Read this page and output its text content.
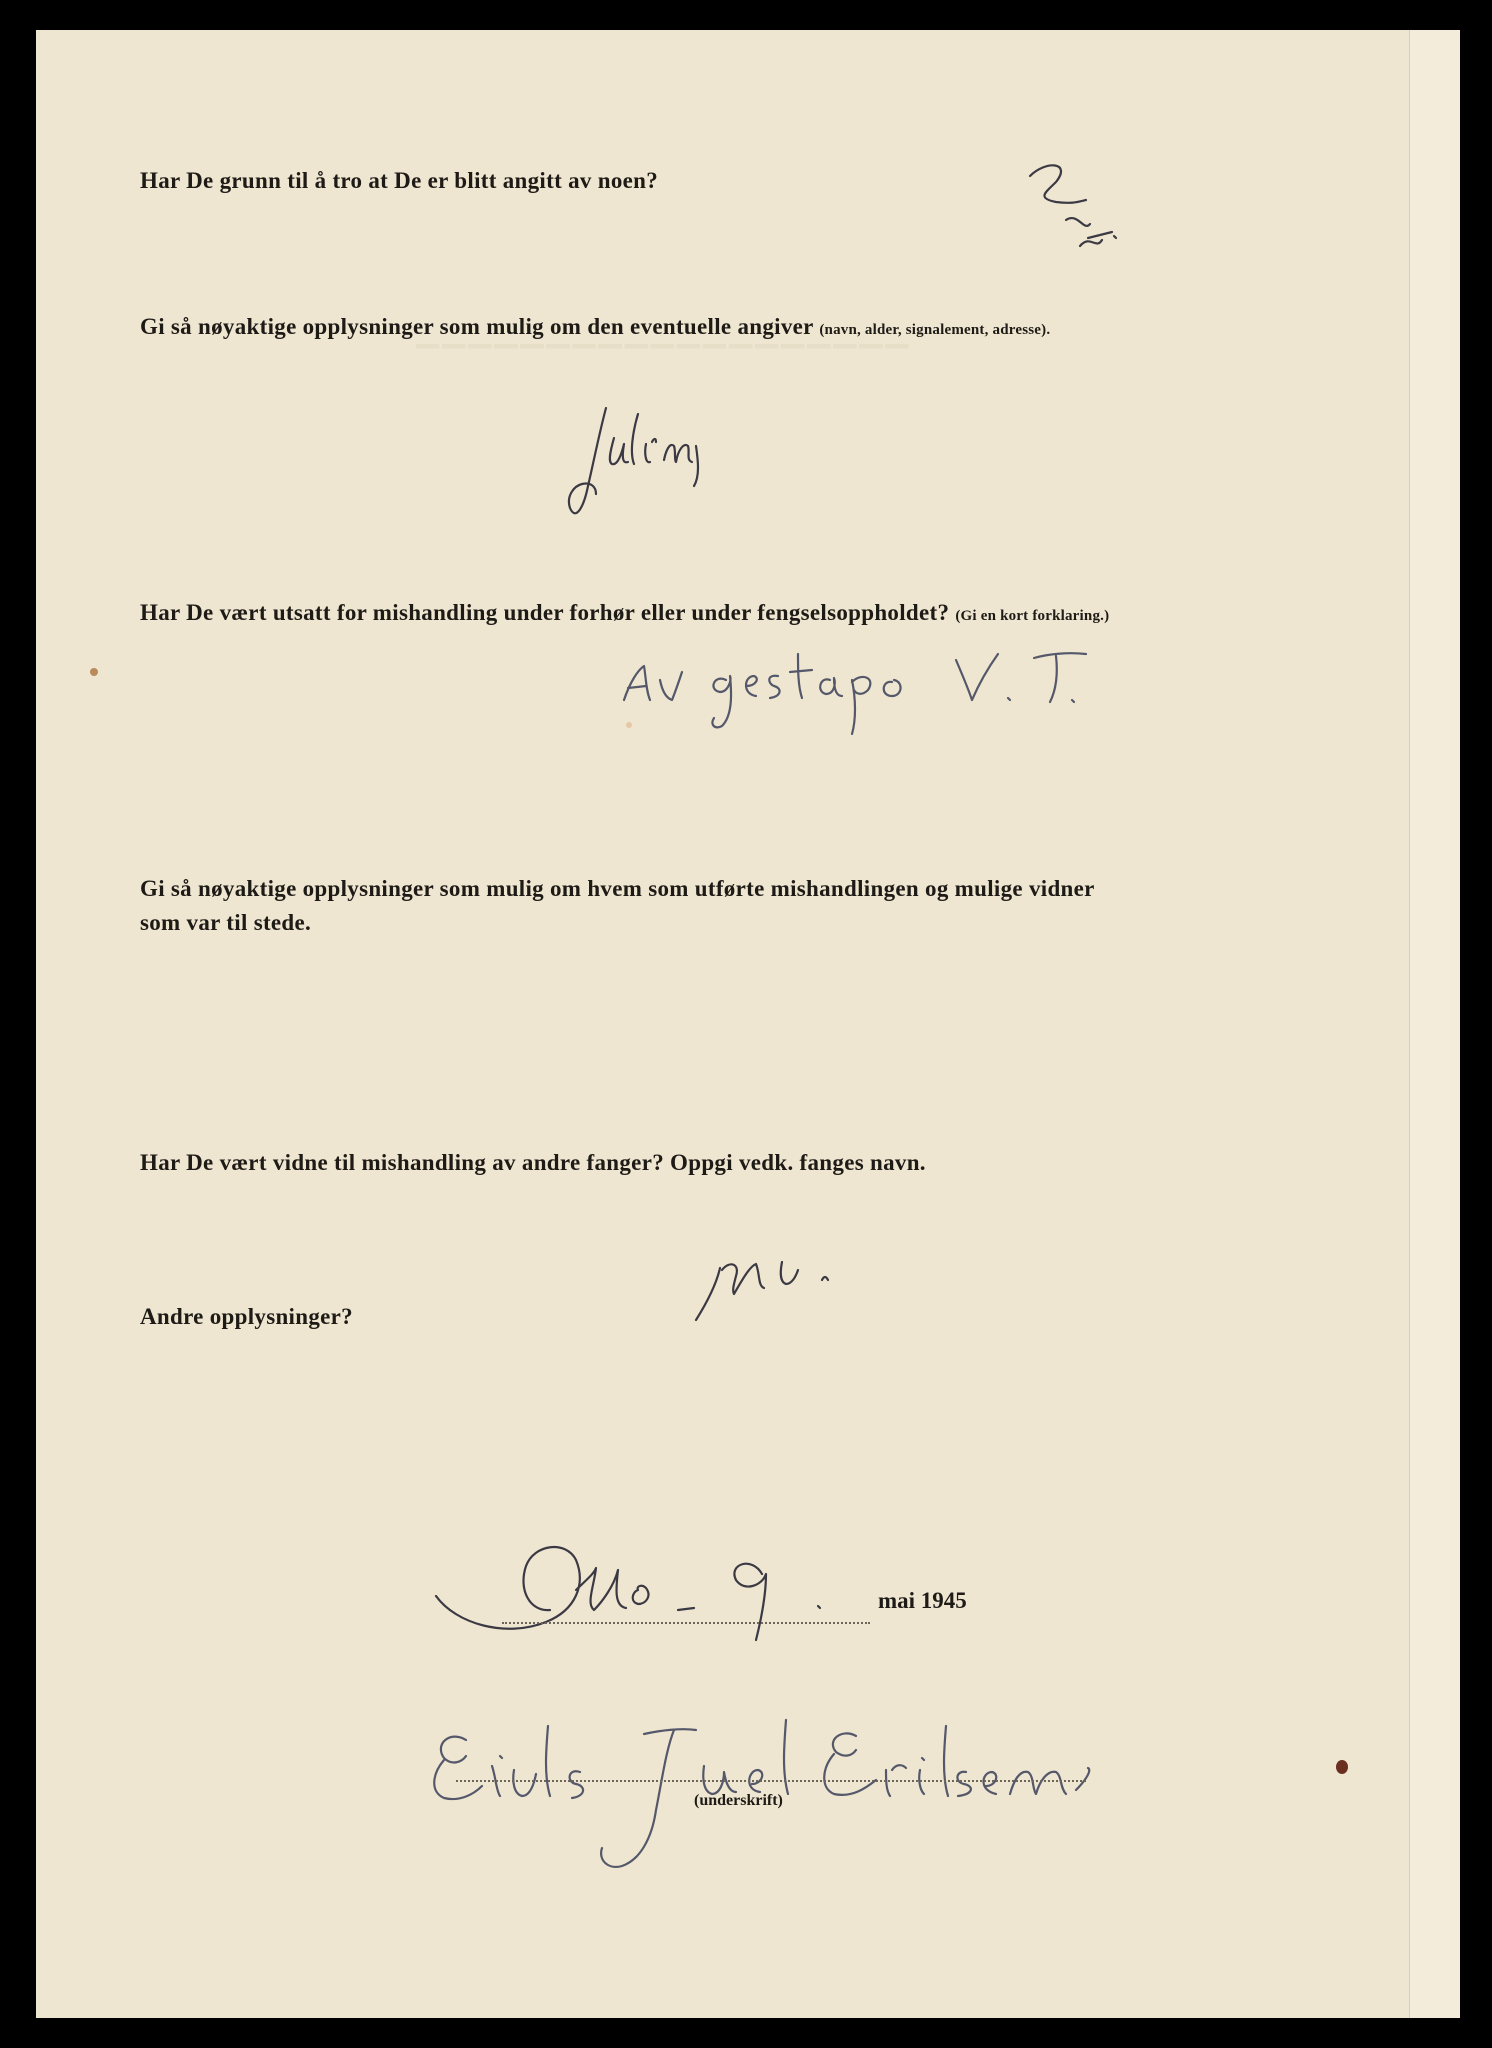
▔▔▔▔▔▔▔▔▔▔▔▔▔▔▔▔▔▔▔

Har De grunn til å tro at De er blitt angitt av noen?

Gi så nøyaktige opplysninger som mulig om den eventuelle angiver (navn, alder, signalement, adresse).

Har De vært utsatt for mishandling under forhør eller under fengselsoppholdet? (Gi en kort forklaring.)

Gi så nøyaktige opplysninger som mulig om hvem som utførte mishandlingen og mulige vidner
som var til stede.

Har De vært vidne til mishandling av andre fanger? Oppgi vedk. fanges navn.

Andre opplysninger?

mai 1945
(underskrift)
